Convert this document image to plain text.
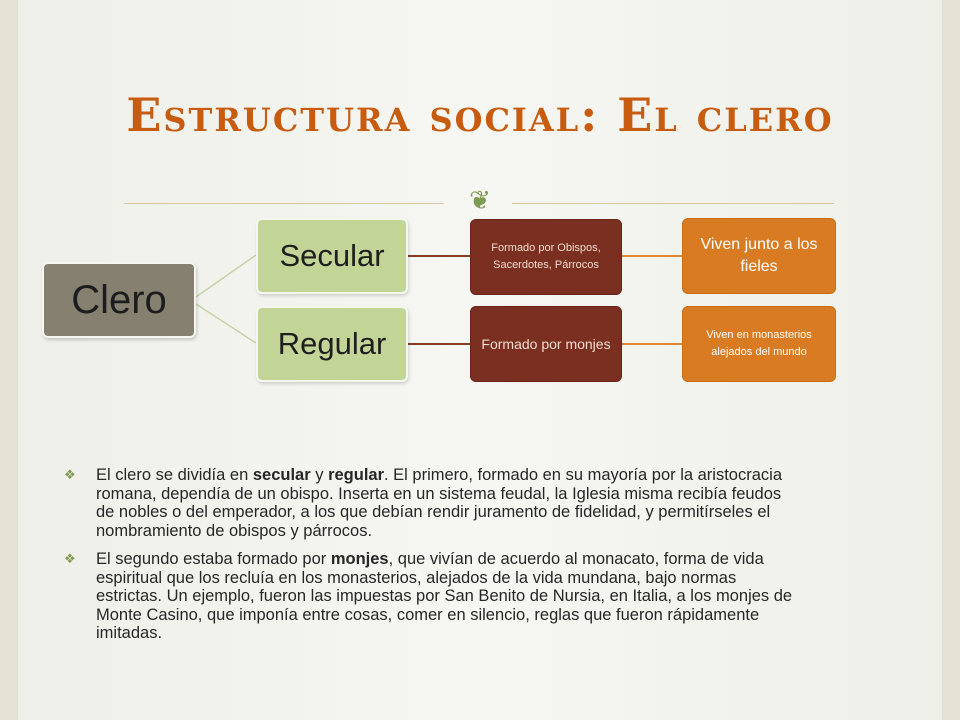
Estructura social: El clero
❦
Clero
Secular
Regular
Formado por Obispos, Sacerdotes, Párrocos
Formado por monjes
Viven junto a los fieles
Viven en monasterios alejados del mundo
❖ El clero se dividía en secular y regular. El primero, formado en su mayoría por la aristocracia romana, dependía de un obispo. Inserta en un sistema feudal, la Iglesia misma recibía feudos de nobles o del emperador, a los que debían rendir juramento de fidelidad, y permitírseles el nombramiento de obispos y párrocos.
❖ El segundo estaba formado por monjes, que vivían de acuerdo al monacato, forma de vida espiritual que los recluía en los monasterios, alejados de la vida mundana, bajo normas estrictas. Un ejemplo, fueron las impuestas por San Benito de Nursia, en Italia, a los monjes de Monte Casino, que imponía entre cosas, comer en silencio, reglas que fueron rápidamente imitadas.
